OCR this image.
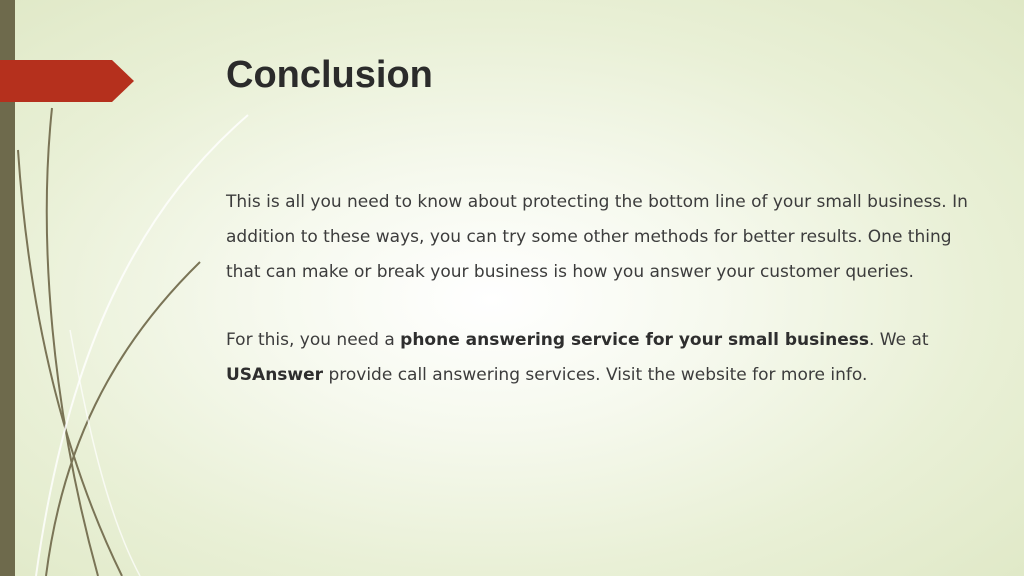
Conclusion

This is all you need to know about protecting the bottom line of your small business. In addition to these ways, you can try some other methods for better results. One thing that can make or break your business is how you answer your customer queries.

For this, you need a phone answering service for your small business. We at USAnswer provide call answering services. Visit the website for more info.
